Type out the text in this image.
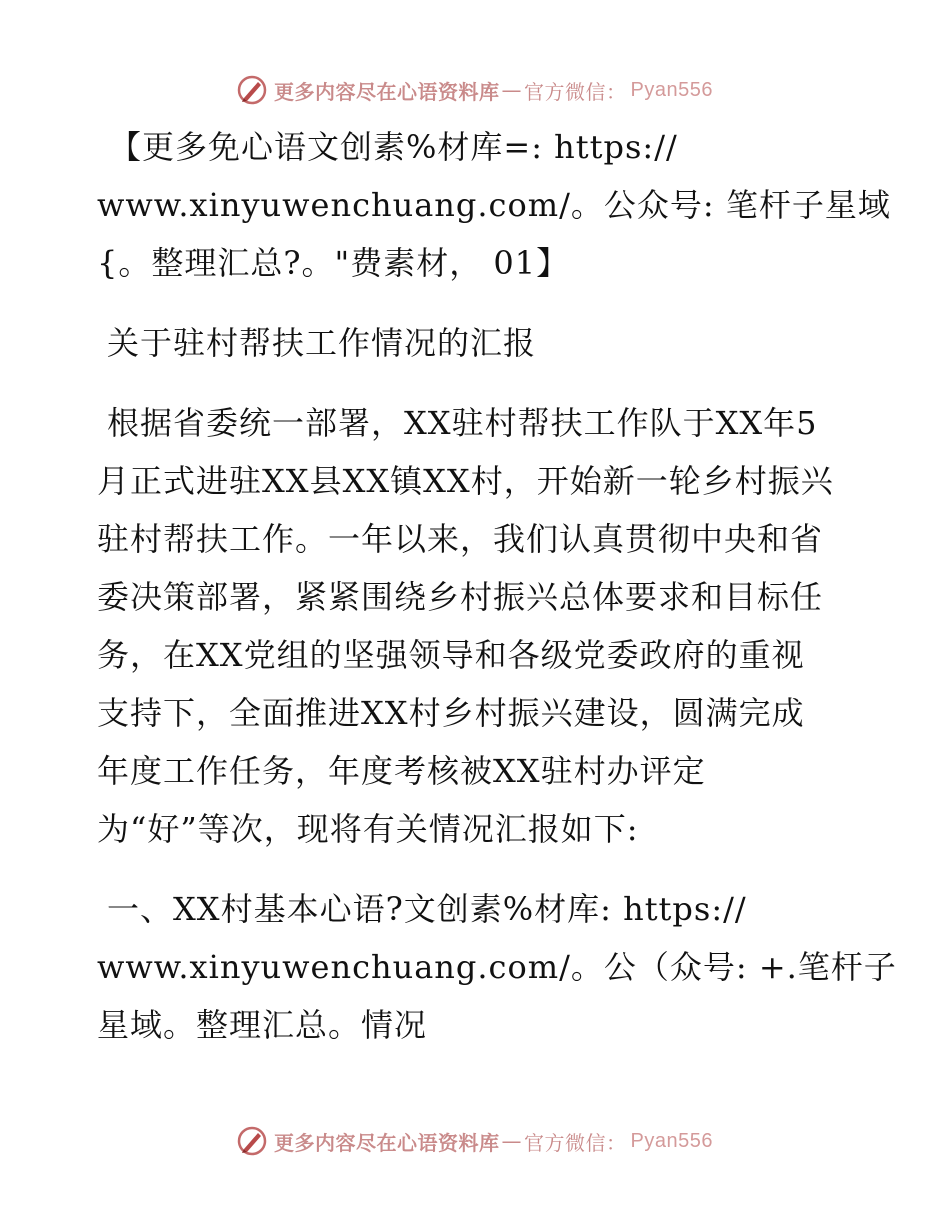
更多内容尽在心语资料库 — 官方微信： Pyan556
【更多免心语文创素%材库=: https://
www.xinyuwenchuang.com/。公众号: 笔杆子星域
{。整理汇总?。"费素材， 01】
关于驻村帮扶工作情况的汇报
根据省委统一部署，XX驻村帮扶工作队于XX年5
月正式进驻XX县XX镇XX村，开始新一轮乡村振兴
驻村帮扶工作。一年以来，我们认真贯彻中央和省
委决策部署，紧紧围绕乡村振兴总体要求和目标任
务，在XX党组的坚强领导和各级党委政府的重视
支持下，全面推进XX村乡村振兴建设，圆满完成
年度工作任务，年度考核被XX驻村办评定
为“好”等次，现将有关情况汇报如下:
一、XX村基本心语?文创素%材库: https://
www.xinyuwenchuang.com/。公（众号: +.笔杆子
星域。整理汇总。情况
更多内容尽在心语资料库 — 官方微信： Pyan556
